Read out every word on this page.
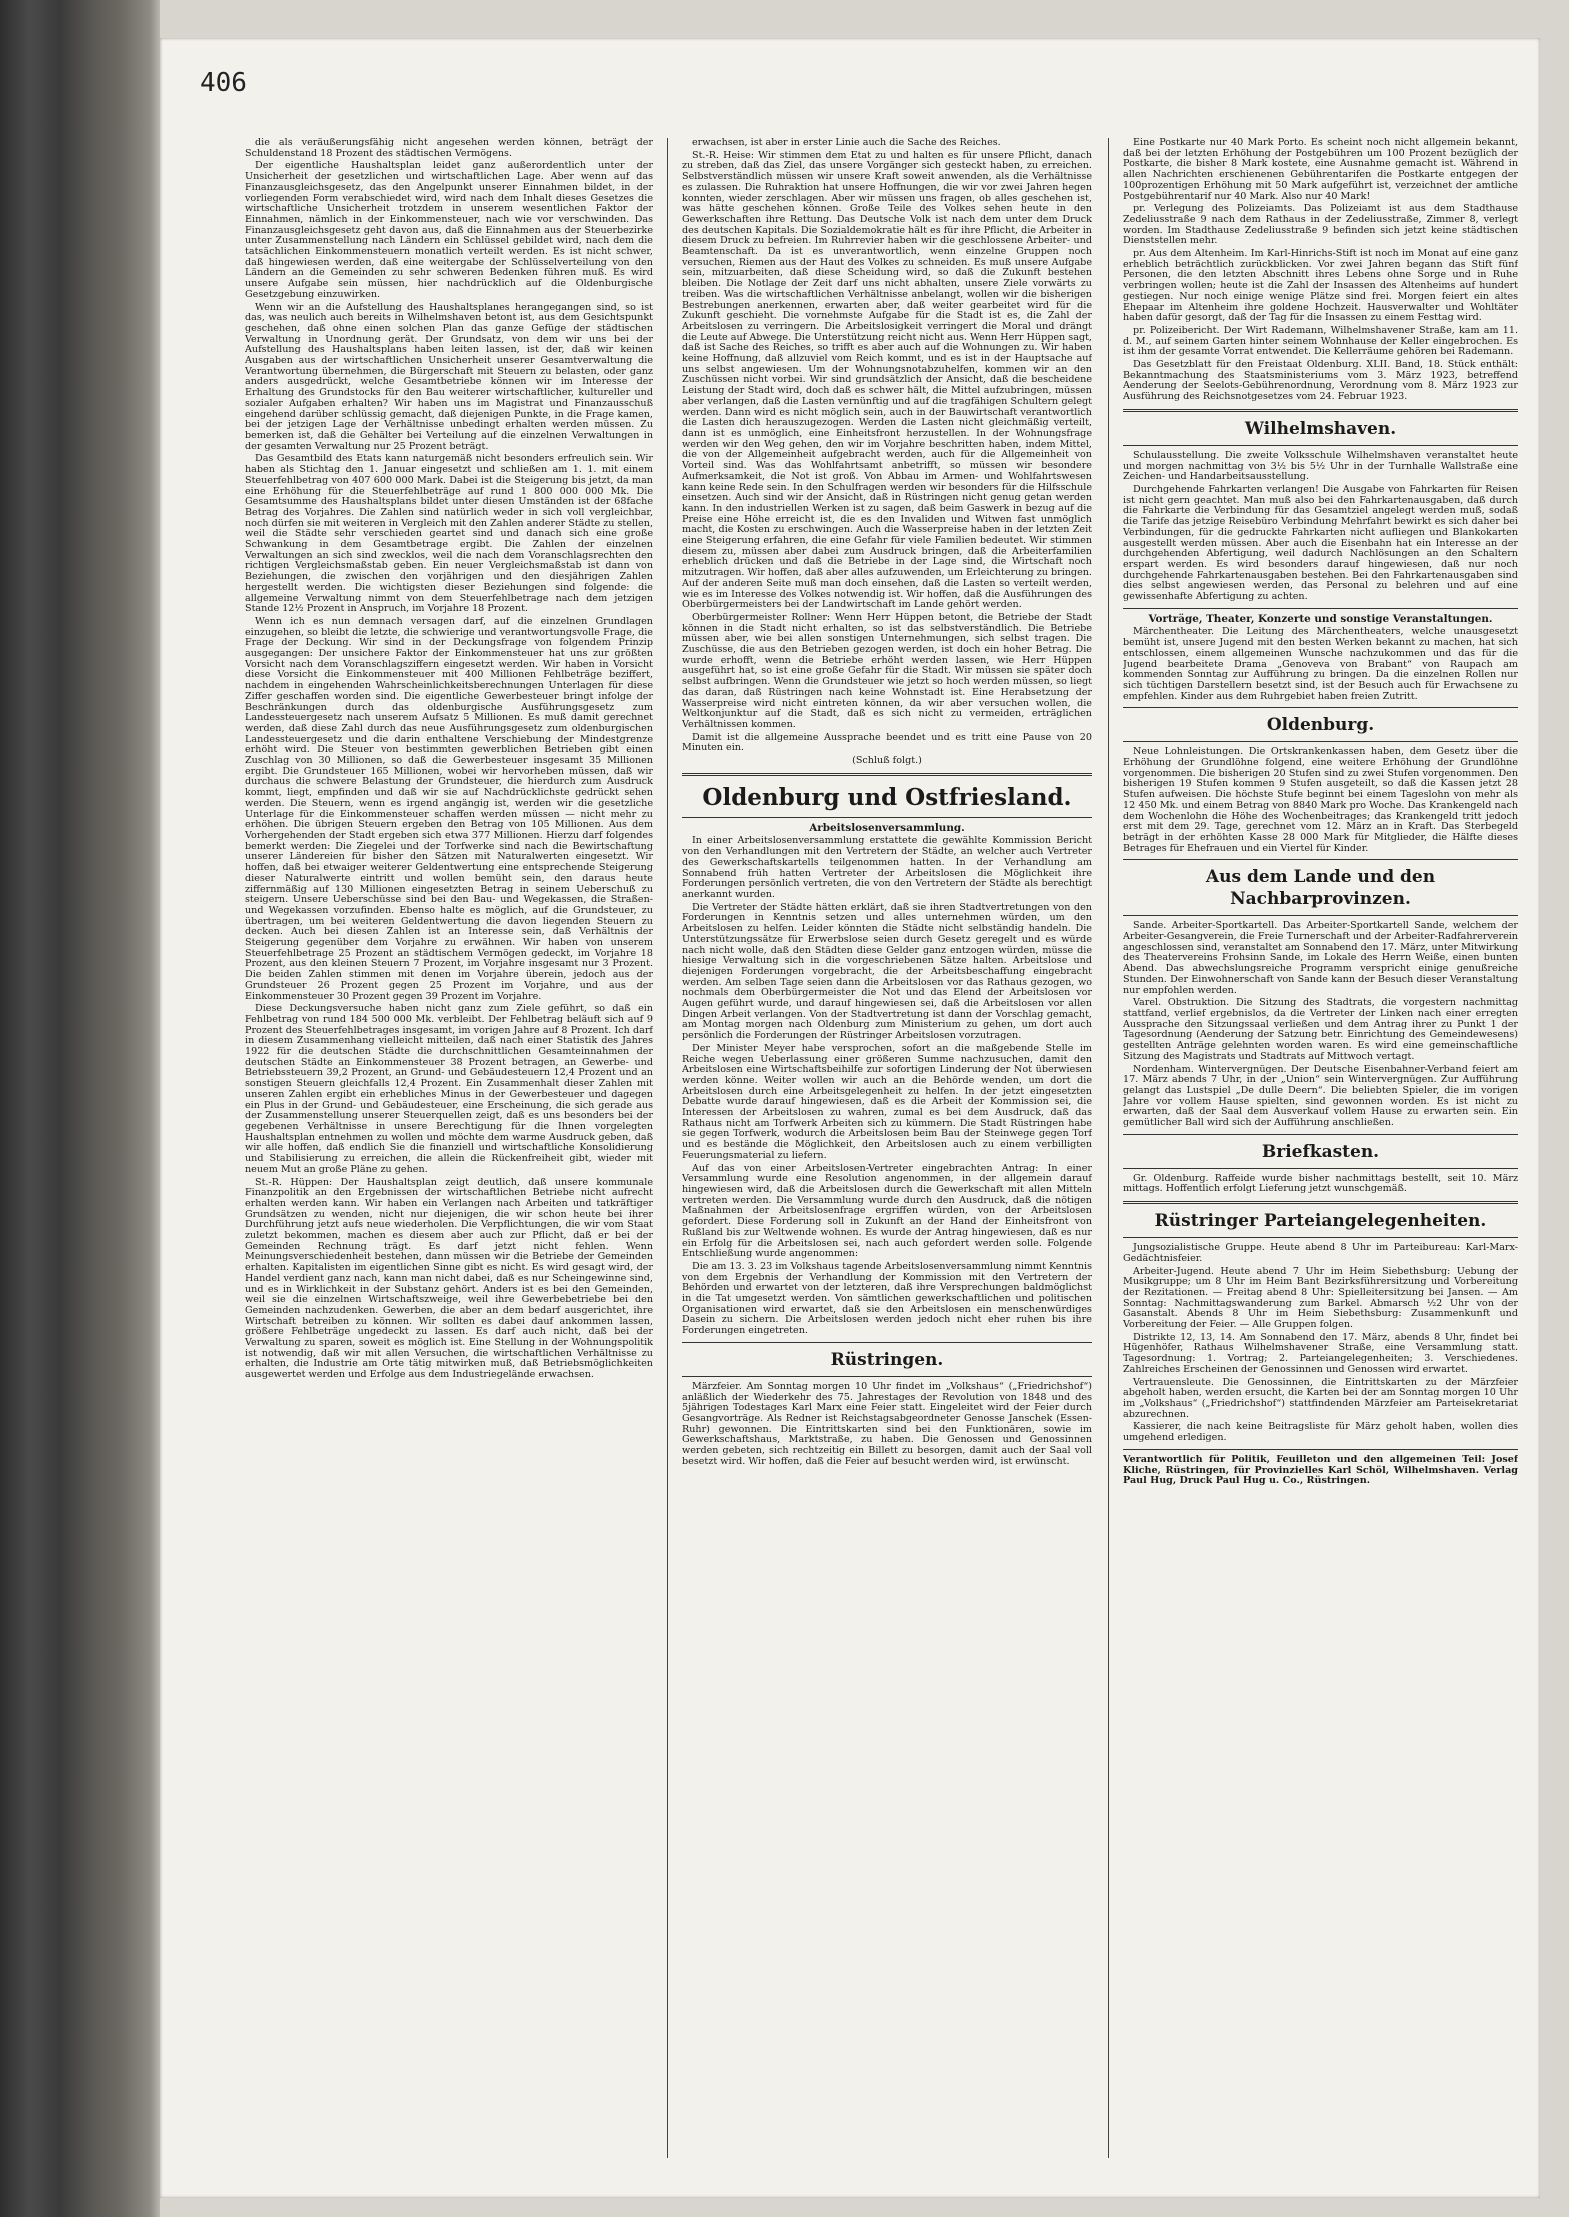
406

die als veräußerungsfähig nicht angesehen werden können, beträgt der Schuldenstand 18 Prozent des städtischen Vermögens.

Der eigentliche Haushaltsplan leidet ganz außerordentlich unter der Unsicherheit der gesetzlichen und wirtschaftlichen Lage. Aber wenn auf das Finanzausgleichsgesetz, das den Angelpunkt unserer Einnahmen bildet, in der vorliegenden Form verabschiedet wird, wird nach dem Inhalt dieses Gesetzes die wirtschaftliche Unsicherheit trotzdem in unserem wesentlichen Faktor der Einnahmen, nämlich in der Einkommensteuer, nach wie vor verschwinden. Das Finanzausgleichsgesetz geht davon aus, daß die Einnahmen aus der Steuerbezirke unter Zusammenstellung nach Ländern ein Schlüssel gebildet wird, nach dem die tatsächlichen Einkommensteuern monatlich verteilt werden. Es ist nicht schwer, daß hingewiesen werden, daß eine weitergabe der Schlüsselverteilung von den Ländern an die Gemeinden zu sehr schweren Bedenken führen muß. Es wird unsere Aufgabe sein müssen, hier nachdrücklich auf die Oldenburgische Gesetzgebung einzuwirken.

Wenn wir an die Aufstellung des Haushaltsplanes herangegangen sind, so ist das, was neulich auch bereits in Wilhelmshaven betont ist, aus dem Gesichtspunkt geschehen, daß ohne einen solchen Plan das ganze Gefüge der städtischen Verwaltung in Unordnung gerät. Der Grundsatz, von dem wir uns bei der Aufstellung des Haushaltsplans haben leiten lassen, ist der, daß wir keinen Ausgaben aus der wirtschaftlichen Unsicherheit unserer Gesamtverwaltung die Verantwortung übernehmen, die Bürgerschaft mit Steuern zu belasten, oder ganz anders ausgedrückt, welche Gesamtbetriebe können wir im Interesse der Erhaltung des Grundstocks für den Bau weiterer wirtschaftlicher, kultureller und sozialer Aufgaben erhalten? Wir haben uns im Magistrat und Finanzausschuß eingehend darüber schlüssig gemacht, daß diejenigen Punkte, in die Frage kamen, bei der jetzigen Lage der Verhältnisse unbedingt erhalten werden müssen. Zu bemerken ist, daß die Gehälter bei Verteilung auf die einzelnen Verwaltungen in der gesamten Verwaltung nur 25 Prozent beträgt.

Das Gesamtbild des Etats kann naturgemäß nicht besonders erfreulich sein. Wir haben als Stichtag den 1. Januar eingesetzt und schließen am 1. 1. mit einem Steuerfehlbetrag von 407 600 000 Mark. Dabei ist die Steigerung bis jetzt, da man eine Erhöhung für die Steuerfehlbeträge auf rund 1 800 000 000 Mk. Die Gesamtsumme des Haushaltsplans bildet unter diesen Umständen ist der 68fache Betrag des Vorjahres. Die Zahlen sind natürlich weder in sich voll vergleichbar, noch dürfen sie mit weiteren in Vergleich mit den Zahlen anderer Städte zu stellen, weil die Städte sehr verschieden geartet sind und danach sich eine große Schwankung in dem Gesamtbetrage ergibt. Die Zahlen der einzelnen Verwaltungen an sich sind zwecklos, weil die nach dem Voranschlagsrechten den richtigen Vergleichsmaßstab geben. Ein neuer Vergleichsmaßstab ist dann von Beziehungen, die zwischen den vorjährigen und den diesjährigen Zahlen hergestellt werden. Die wichtigsten dieser Beziehungen sind folgende: die allgemeine Verwaltung nimmt von dem Steuerfehlbetrage nach dem jetzigen Stande 12½ Prozent in Anspruch, im Vorjahre 18 Prozent.

Wenn ich es nun demnach versagen darf, auf die einzelnen Grundlagen einzugehen, so bleibt die letzte, die schwierige und verantwortungsvolle Frage, die Frage der Deckung. Wir sind in der Deckungsfrage von folgendem Prinzip ausgegangen: Der unsichere Faktor der Einkommensteuer hat uns zur größten Vorsicht nach dem Voranschlagsziffern eingesetzt werden. Wir haben in Vorsicht diese Vorsicht die Einkommensteuer mit 400 Millionen Fehlbeträge beziffert, nachdem in eingehenden Wahrscheinlichkeitsberechnungen Unterlagen für diese Ziffer geschaffen worden sind. Die eigentliche Gewerbesteuer bringt infolge der Beschränkungen durch das oldenburgische Ausführungsgesetz zum Landessteuergesetz nach unserem Aufsatz 5 Millionen. Es muß damit gerechnet werden, daß diese Zahl durch das neue Ausführungsgesetz zum oldenburgischen Landessteuergesetz und die darin enthaltene Verschiebung der Mindestgrenze erhöht wird. Die Steuer von bestimmten gewerblichen Betrieben gibt einen Zuschlag von 30 Millionen, so daß die Gewerbesteuer insgesamt 35 Millionen ergibt. Die Grundsteuer 165 Millionen, wobei wir hervorheben müssen, daß wir durchaus die schwere Belastung der Grundsteuer, die hierdurch zum Ausdruck kommt, liegt, empfinden und daß wir sie auf Nachdrücklichste gedrückt sehen werden. Die Steuern, wenn es irgend angängig ist, werden wir die gesetzliche Unterlage für die Einkommensteuer schaffen werden müssen — nicht mehr zu erhöhen. Die übrigen Steuern ergeben den Betrag von 105 Millionen. Aus dem Vorhergehenden der Stadt ergeben sich etwa 377 Millionen. Hierzu darf folgendes bemerkt werden: Die Ziegelei und der Torfwerke sind nach die Bewirtschaftung unserer Ländereien für bisher den Sätzen mit Naturalwerten eingesetzt. Wir hoffen, daß bei etwaiger weiterer Geldentwertung eine entsprechende Steigerung dieser Naturalwerte eintritt und wollen bemüht sein, den daraus heute ziffernmäßig auf 130 Millionen eingesetzten Betrag in seinem Ueberschuß zu steigern. Unsere Ueberschüsse sind bei den Bau- und Wegekassen, die Straßen- und Wegekassen vorzufinden. Ebenso halte es möglich, auf die Grundsteuer, zu übertragen, um bei weiteren Geldentwertung die davon liegenden Steuern zu decken. Auch bei diesen Zahlen ist an Interesse sein, daß Verhältnis der Steigerung gegenüber dem Vorjahre zu erwähnen. Wir haben von unserem Steuerfehlbetrage 25 Prozent an städtischem Vermögen gedeckt, im Vorjahre 18 Prozent, aus den kleinen Steuern 7 Prozent, im Vorjahre insgesamt nur 3 Prozent. Die beiden Zahlen stimmen mit denen im Vorjahre überein, jedoch aus der Grundsteuer 26 Prozent gegen 25 Prozent im Vorjahre, und aus der Einkommensteuer 30 Prozent gegen 39 Prozent im Vorjahre.

Diese Deckungsversuche haben nicht ganz zum Ziele geführt, so daß ein Fehlbetrag von rund 184 500 000 Mk. verbleibt. Der Fehlbetrag beläuft sich auf 9 Prozent des Steuerfehlbetrages insgesamt, im vorigen Jahre auf 8 Prozent. Ich darf in diesem Zusammenhang vielleicht mitteilen, daß nach einer Statistik des Jahres 1922 für die deutschen Städte die durchschnittlichen Gesamteinnahmen der deutschen Städte an Einkommensteuer 38 Prozent betragen, an Gewerbe- und Betriebssteuern 39,2 Prozent, an Grund- und Gebäudesteuern 12,4 Prozent und an sonstigen Steuern gleichfalls 12,4 Prozent. Ein Zusammenhalt dieser Zahlen mit unseren Zahlen ergibt ein erhebliches Minus in der Gewerbesteuer und dagegen ein Plus in der Grund- und Gebäudesteuer, eine Erscheinung, die sich gerade aus der Zusammenstellung unserer Steuerquellen zeigt, daß es uns besonders bei der gegebenen Verhältnisse in unsere Berechtigung für die Ihnen vorgelegten Haushaltsplan entnehmen zu wollen und möchte dem warme Ausdruck geben, daß wir alle hoffen, daß endlich Sie die finanziell und wirtschaftliche Konsolidierung und Stabilisierung zu erreichen, die allein die Rückenfreiheit gibt, wieder mit neuem Mut an große Pläne zu gehen.

St.-R. Hüppen: Der Haushaltsplan zeigt deutlich, daß unsere kommunale Finanzpolitik an den Ergebnissen der wirtschaftlichen Betriebe nicht aufrecht erhalten werden kann. Wir haben ein Verlangen nach Arbeiten und tatkräftiger Grundsätzen zu wenden, nicht nur diejenigen, die wir schon heute bei ihrer Durchführung jetzt aufs neue wiederholen. Die Verpflichtungen, die wir vom Staat zuletzt bekommen, machen es diesem aber auch zur Pflicht, daß er bei der Gemeinden Rechnung trägt. Es darf jetzt nicht fehlen. Wenn Meinungsverschiedenheit bestehen, dann müssen wir die Betriebe der Gemeinden erhalten. Kapitalisten im eigentlichen Sinne gibt es nicht. Es wird gesagt wird, der Handel verdient ganz nach, kann man nicht dabei, daß es nur Scheingewinne sind, und es in Wirklichkeit in der Substanz gehört. Anders ist es bei den Gemeinden, weil sie die einzelnen Wirtschaftszweige, weil ihre Gewerbebetriebe bei den Gemeinden nachzudenken. Gewerben, die aber an dem bedarf ausgerichtet, ihre Wirtschaft betreiben zu können. Wir sollten es dabei dauf ankommen lassen, größere Fehlbeträge ungedeckt zu lassen. Es darf auch nicht, daß bei der Verwaltung zu sparen, soweit es möglich ist. Eine Stellung in der Wohnungspolitik ist notwendig, daß wir mit allen Versuchen, die wirtschaftlichen Verhältnisse zu erhalten, die Industrie am Orte tätig mitwirken muß, daß Betriebsmöglichkeiten ausgewertet werden und Erfolge aus dem Industriegelände erwachsen.

erwachsen, ist aber in erster Linie auch die Sache des Reiches.

St.-R. Heise: Wir stimmen dem Etat zu und halten es für unsere Pflicht, danach zu streben, daß das Ziel, das unsere Vorgänger sich gesteckt haben, zu erreichen. Selbstverständlich müssen wir unsere Kraft soweit anwenden, als die Verhältnisse es zulassen. Die Ruhraktion hat unsere Hoffnungen, die wir vor zwei Jahren hegen konnten, wieder zerschlagen. Aber wir müssen uns fragen, ob alles geschehen ist, was hätte geschehen können. Große Teile des Volkes sehen heute in den Gewerkschaften ihre Rettung. Das Deutsche Volk ist nach dem unter dem Druck des deutschen Kapitals. Die Sozialdemokratie hält es für ihre Pflicht, die Arbeiter in diesem Druck zu befreien. Im Ruhrrevier haben wir die geschlossene Arbeiter- und Beamtenschaft. Da ist es unverantwortlich, wenn einzelne Gruppen noch versuchen, Riemen aus der Haut des Volkes zu schneiden. Es muß unsere Aufgabe sein, mitzuarbeiten, daß diese Scheidung wird, so daß die Zukunft bestehen bleiben. Die Notlage der Zeit darf uns nicht abhalten, unsere Ziele vorwärts zu treiben. Was die wirtschaftlichen Verhältnisse anbelangt, wollen wir die bisherigen Bestrebungen anerkennen, erwarten aber, daß weiter gearbeitet wird für die Zukunft geschieht. Die vornehmste Aufgabe für die Stadt ist es, die Zahl der Arbeitslosen zu verringern. Die Arbeitslosigkeit verringert die Moral und drängt die Leute auf Abwege. Die Unterstützung reicht nicht aus. Wenn Herr Hüppen sagt, daß ist Sache des Reiches, so trifft es aber auch auf die Wohnungen zu. Wir haben keine Hoffnung, daß allzuviel vom Reich kommt, und es ist in der Hauptsache auf uns selbst angewiesen. Um der Wohnungsnotabzuhelfen, kommen wir an den Zuschüssen nicht vorbei. Wir sind grundsätzlich der Ansicht, daß die bescheidene Leistung der Stadt wird, doch daß es schwer hält, die Mittel aufzubringen, müssen aber verlangen, daß die Lasten vernünftig und auf die tragfähigen Schultern gelegt werden. Dann wird es nicht möglich sein, auch in der Bauwirtschaft verantwortlich die Lasten dich herauszugezogen. Werden die Lasten nicht gleichmäßig verteilt, dann ist es unmöglich, eine Einheitsfront herzustellen. In der Wohnungsfrage werden wir den Weg gehen, den wir im Vorjahre beschritten haben, indem Mittel, die von der Allgemeinheit aufgebracht werden, auch für die Allgemeinheit von Vorteil sind. Was das Wohlfahrtsamt anbetrifft, so müssen wir besondere Aufmerksamkeit, die Not ist groß. Von Abbau im Armen- und Wohlfahrtswesen kann keine Rede sein. In den Schulfragen werden wir besonders für die Hilfsschule einsetzen. Auch sind wir der Ansicht, daß in Rüstringen nicht genug getan werden kann. In den industriellen Werken ist zu sagen, daß beim Gaswerk in bezug auf die Preise eine Höhe erreicht ist, die es den Invaliden und Witwen fast unmöglich macht, die Kosten zu erschwingen. Auch die Wasserpreise haben in der letzten Zeit eine Steigerung erfahren, die eine Gefahr für viele Familien bedeutet. Wir stimmen diesem zu, müssen aber dabei zum Ausdruck bringen, daß die Arbeiterfamilien erheblich drücken und daß die Betriebe in der Lage sind, die Wirtschaft noch mitzutragen. Wir hoffen, daß aber alles aufzuwenden, um Erleichterung zu bringen. Auf der anderen Seite muß man doch einsehen, daß die Lasten so verteilt werden, wie es im Interesse des Volkes notwendig ist. Wir hoffen, daß die Ausführungen des Oberbürgermeisters bei der Landwirtschaft im Lande gehört werden.

Oberbürgermeister Rollner: Wenn Herr Hüppen betont, die Betriebe der Stadt können in die Stadt nicht erhalten, so ist das selbstverständlich. Die Betriebe müssen aber, wie bei allen sonstigen Unternehmungen, sich selbst tragen. Die Zuschüsse, die aus den Betrieben gezogen werden, ist doch ein hoher Betrag. Die wurde erhofft, wenn die Betriebe erhöht werden lassen, wie Herr Hüppen ausgeführt hat, so ist eine große Gefahr für die Stadt. Wir müssen sie später doch selbst aufbringen. Wenn die Grundsteuer wie jetzt so hoch werden müssen, so liegt das daran, daß Rüstringen nach keine Wohnstadt ist. Eine Herabsetzung der Wasserpreise wird nicht eintreten können, da wir aber versuchen wollen, die Weltkonjunktur auf die Stadt, daß es sich nicht zu vermeiden, erträglichen Verhältnissen kommen.

Damit ist die allgemeine Aussprache beendet und es tritt eine Pause von 20 Minuten ein.

(Schluß folgt.)
Oldenburg und Ostfriesland.
Arbeitslosenversammlung.

In einer Arbeitslosenversammlung erstattete die gewählte Kommission Bericht von den Verhandlungen mit den Vertretern der Städte, an welcher auch Vertreter des Gewerkschaftskartells teilgenommen hatten. In der Verhandlung am Sonnabend früh hatten Vertreter der Arbeitslosen die Möglichkeit ihre Forderungen persönlich vertreten, die von den Vertretern der Städte als berechtigt anerkannt wurden.

Die Vertreter der Städte hätten erklärt, daß sie ihren Stadtvertretungen von den Forderungen in Kenntnis setzen und alles unternehmen würden, um den Arbeitslosen zu helfen. Leider könnten die Städte nicht selbständig handeln. Die Unterstützungssätze für Erwerbslose seien durch Gesetz geregelt und es würde nach nicht wolle, daß den Städten diese Gelder ganz entzogen würden, müsse die hiesige Verwaltung sich in die vorgeschriebenen Sätze halten. Arbeitslose und diejenigen Forderungen vorgebracht, die der Arbeitsbeschaffung eingebracht werden. Am selben Tage seien dann die Arbeitslosen vor das Rathaus gezogen, wo nochmals dem Oberbürgermeister die Not und das Elend der Arbeitslosen vor Augen geführt wurde, und darauf hingewiesen sei, daß die Arbeitslosen vor allen Dingen Arbeit verlangen. Von der Stadtvertretung ist dann der Vorschlag gemacht, am Montag morgen nach Oldenburg zum Ministerium zu gehen, um dort auch persönlich die Forderungen der Rüstringer Arbeitslosen vorzutragen.

Der Minister Meyer habe versprochen, sofort an die maßgebende Stelle im Reiche wegen Ueberlassung einer größeren Summe nachzusuchen, damit den Arbeitslosen eine Wirtschaftsbeihilfe zur sofortigen Linderung der Not überwiesen werden könne. Weiter wollen wir auch an die Behörde wenden, um dort die Arbeitslosen durch eine Arbeitsgelegenheit zu helfen. In der jetzt eingesetzten Debatte wurde darauf hingewiesen, daß es die Arbeit der Kommission sei, die Interessen der Arbeitslosen zu wahren, zumal es bei dem Ausdruck, daß das Rathaus nicht am Torfwerk Arbeiten sich zu kümmern. Die Stadt Rüstringen habe sie gegen Torfwerk, wodurch die Arbeitslosen beim Bau der Steinwege gegen Torf und es bestände die Möglichkeit, den Arbeitslosen auch zu einem verbilligten Feuerungsmaterial zu liefern.

Auf das von einer Arbeitslosen-Vertreter eingebrachten Antrag: In einer Versammlung wurde eine Resolution angenommen, in der allgemein darauf hingewiesen wird, daß die Arbeitslosen durch die Gewerkschaft mit allen Mitteln vertreten werden. Die Versammlung wurde durch den Ausdruck, daß die nötigen Maßnahmen der Arbeitslosenfrage ergriffen würden, von der Arbeitslosen gefordert. Diese Forderung soll in Zukunft an der Hand der Einheitsfront von Rußland bis zur Weltwende wohnen. Es wurde der Antrag hingewiesen, daß es nur ein Erfolg für die Arbeitslosen sei, nach auch gefordert werden solle. Folgende Entschließung wurde angenommen:

Die am 13. 3. 23 im Volkshaus tagende Arbeitslosenversammlung nimmt Kenntnis von dem Ergebnis der Verhandlung der Kommission mit den Vertretern der Behörden und erwartet von der letzteren, daß ihre Versprechungen baldmöglichst in die Tat umgesetzt werden. Von sämtlichen gewerkschaftlichen und politischen Organisationen wird erwartet, daß sie den Arbeitslosen ein menschenwürdiges Dasein zu sichern. Die Arbeitslosen werden jedoch nicht eher ruhen bis ihre Forderungen eingetreten.

Rüstringen.

Märzfeier. Am Sonntag morgen 10 Uhr findet im „Volkshaus“ („Friedrichshof“) anläßlich der Wiederkehr des 75. Jahrestages der Revolution von 1848 und des 5jährigen Todestages Karl Marx eine Feier statt. Eingeleitet wird der Feier durch Gesangvorträge. Als Redner ist Reichstagsabgeordneter Genosse Janschek (Essen-Ruhr) gewonnen. Die Eintrittskarten sind bei den Funktionären, sowie im Gewerkschaftshaus, Marktstraße, zu haben. Die Genossen und Genossinnen werden gebeten, sich rechtzeitig ein Billett zu besorgen, damit auch der Saal voll besetzt wird. Wir hoffen, daß die Feier auf besucht werden wird, ist erwünscht.

Eine Postkarte nur 40 Mark Porto. Es scheint noch nicht allgemein bekannt, daß bei der letzten Erhöhung der Postgebühren um 100 Prozent bezüglich der Postkarte, die bisher 8 Mark kostete, eine Ausnahme gemacht ist. Während in allen Nachrichten erschienenen Gebührentarifen die Postkarte entgegen der 100prozentigen Erhöhung mit 50 Mark aufgeführt ist, verzeichnet der amtliche Postgebührentarif nur 40 Mark. Also nur 40 Mark!

pr. Verlegung des Polizeiamts. Das Polizeiamt ist aus dem Stadthause Zedeliusstraße 9 nach dem Rathaus in der Zedeliusstraße, Zimmer 8, verlegt worden. Im Stadthause Zedeliusstraße 9 befinden sich jetzt keine städtischen Dienststellen mehr.

pr. Aus dem Altenheim. Im Karl-Hinrichs-Stift ist noch im Monat auf eine ganz erheblich beträchtlich zurückblicken. Vor zwei Jahren begann das Stift fünf Personen, die den letzten Abschnitt ihres Lebens ohne Sorge und in Ruhe verbringen wollen; heute ist die Zahl der Insassen des Altenheims auf hundert gestiegen. Nur noch einige wenige Plätze sind frei. Morgen feiert ein altes Ehepaar im Altenheim ihre goldene Hochzeit. Hausverwalter und Wohltäter haben dafür gesorgt, daß der Tag für die Insassen zu einem Festtag wird.

pr. Polizeibericht. Der Wirt Rademann, Wilhelmshavener Straße, kam am 11. d. M., auf seinem Garten hinter seinem Wohnhause der Keller eingebrochen. Es ist ihm der gesamte Vorrat entwendet. Die Kellerräume gehören bei Rademann.

Das Gesetzblatt für den Freistaat Oldenburg. XLII. Band, 18. Stück enthält: Bekanntmachung des Staatsministeriums vom 3. März 1923, betreffend Aenderung der Seelots-Gebührenordnung, Verordnung vom 8. März 1923 zur Ausführung des Reichsnotgesetzes vom 24. Februar 1923.

Wilhelmshaven.

Schulausstellung. Die zweite Volksschule Wilhelmshaven veranstaltet heute und morgen nachmittag von 3½ bis 5½ Uhr in der Turnhalle Wallstraße eine Zeichen- und Handarbeitsausstellung.

Durchgehende Fahrkarten verlangen! Die Ausgabe von Fahrkarten für Reisen ist nicht gern geachtet. Man muß also bei den Fahrkartenausgaben, daß durch die Fahrkarte die Verbindung für das Gesamtziel angelegt werden muß, sodaß die Tarife das jetzige Reisebüro Verbindung Mehrfahrt bewirkt es sich daher bei Verbindungen, für die gedruckte Fahrkarten nicht aufliegen und Blankokarten ausgestellt werden müssen. Aber auch die Eisenbahn hat ein Interesse an der durchgehenden Abfertigung, weil dadurch Nachlösungen an den Schaltern erspart werden. Es wird besonders darauf hingewiesen, daß nur noch durchgehende Fahrkartenausgaben bestehen. Bei den Fahrkartenausgaben sind dies selbst angewiesen werden, das Personal zu belehren und auf eine gewissenhafte Abfertigung zu achten.

Vorträge, Theater, Konzerte und sonstige Veranstaltungen.

Märchentheater. Die Leitung des Märchentheaters, welche unausgesetzt bemüht ist, unsere Jugend mit den besten Werken bekannt zu machen, hat sich entschlossen, einem allgemeinen Wunsche nachzukommen und das für die Jugend bearbeitete Drama „Genoveva von Brabant“ von Raupach am kommenden Sonntag zur Aufführung zu bringen. Da die einzelnen Rollen nur sich tüchtigen Darstellern besetzt sind, ist der Besuch auch für Erwachsene zu empfehlen. Kinder aus dem Ruhrgebiet haben freien Zutritt.

Oldenburg.

Neue Lohnleistungen. Die Ortskrankenkassen haben, dem Gesetz über die Erhöhung der Grundlöhne folgend, eine weitere Erhöhung der Grundlöhne vorgenommen. Die bisherigen 20 Stufen sind zu zwei Stufen vorgenommen. Den bisherigen 19 Stufen kommen 9 Stufen ausgeteilt, so daß die Kassen jetzt 28 Stufen aufweisen. Die höchste Stufe beginnt bei einem Tageslohn von mehr als 12 450 Mk. und einem Betrag von 8840 Mark pro Woche. Das Krankengeld nach dem Wochenlohn die Höhe des Wochenbeitrages; das Krankengeld tritt jedoch erst mit dem 29. Tage, gerechnet vom 12. März an in Kraft. Das Sterbegeld beträgt in der erhöhten Kasse 28 000 Mark für Mitglieder, die Hälfte dieses Betrages für Ehefrauen und ein Viertel für Kinder.

Aus dem Lande und den Nachbarprovinzen.

Sande. Arbeiter-Sportkartell. Das Arbeiter-Sportkartell Sande, welchem der Arbeiter-Gesangverein, die Freie Turnerschaft und der Arbeiter-Radfahrerverein angeschlossen sind, veranstaltet am Sonnabend den 17. März, unter Mitwirkung des Theatervereins Frohsinn Sande, im Lokale des Herrn Weiße, einen bunten Abend. Das abwechslungsreiche Programm verspricht einige genußreiche Stunden. Der Einwohnerschaft von Sande kann der Besuch dieser Veranstaltung nur empfohlen werden.

Varel. Obstruktion. Die Sitzung des Stadtrats, die vorgestern nachmittag stattfand, verlief ergebnislos, da die Vertreter der Linken nach einer erregten Aussprache den Sitzungssaal verließen und dem Antrag ihrer zu Punkt 1 der Tagesordnung (Aenderung der Satzung betr. Einrichtung des Gemeindewesens) gestellten Anträge gelehnten worden waren. Es wird eine gemeinschaftliche Sitzung des Magistrats und Stadtrats auf Mittwoch vertagt.

Nordenham. Wintervergnügen. Der Deutsche Eisenbahner-Verband feiert am 17. März abends 7 Uhr, in der „Union“ sein Wintervergnügen. Zur Aufführung gelangt das Lustspiel „De dulle Deern“. Die beliebten Spieler, die im vorigen Jahre vor vollem Hause spielten, sind gewonnen worden. Es ist nicht zu erwarten, daß der Saal dem Ausverkauf vollem Hause zu erwarten sein. Ein gemütlicher Ball wird sich der Aufführung anschließen.

Briefkasten.

Gr. Oldenburg. Raffeide wurde bisher nachmittags bestellt, seit 10. März mittags. Hoffentlich erfolgt Lieferung jetzt wunschgemäß.

Rüstringer Parteiangelegenheiten.

Jungsozialistische Gruppe. Heute abend 8 Uhr im Parteibureau: Karl-Marx-Gedächtnisfeier.

Arbeiter-Jugend. Heute abend 7 Uhr im Heim Siebethsburg: Uebung der Musikgruppe; um 8 Uhr im Heim Bant Bezirksführersitzung und Vorbereitung der Rezitationen. — Freitag abend 8 Uhr: Spielleitersitzung bei Jansen. — Am Sonntag: Nachmittagswanderung zum Barkel. Abmarsch ½2 Uhr von der Gasanstalt. Abends 8 Uhr im Heim Siebethsburg: Zusammenkunft und Vorbereitung der Feier. — Alle Gruppen folgen.

Distrikte 12, 13, 14. Am Sonnabend den 17. März, abends 8 Uhr, findet bei Hügenhöfer, Rathaus Wilhelmshavener Straße, eine Versammlung statt. Tagesordnung: 1. Vortrag; 2. Parteiangelegenheiten; 3. Verschiedenes. Zahlreiches Erscheinen der Genossinnen und Genossen wird erwartet.

Vertrauensleute. Die Genossinnen, die Eintrittskarten zu der Märzfeier abgeholt haben, werden ersucht, die Karten bei der am Sonntag morgen 10 Uhr im „Volkshaus“ („Friedrichshof“) stattfindenden Märzfeier am Parteisekretariat abzurechnen.

Kassierer, die nach keine Beitragsliste für März geholt haben, wollen dies umgehend erledigen.

Verantwortlich für Politik, Feuilleton und den allgemeinen Teil: Josef Kliche, Rüstringen, für Provinzielles Karl Schöl, Wilhelmshaven. Verlag Paul Hug, Druck Paul Hug u. Co., Rüstringen.
